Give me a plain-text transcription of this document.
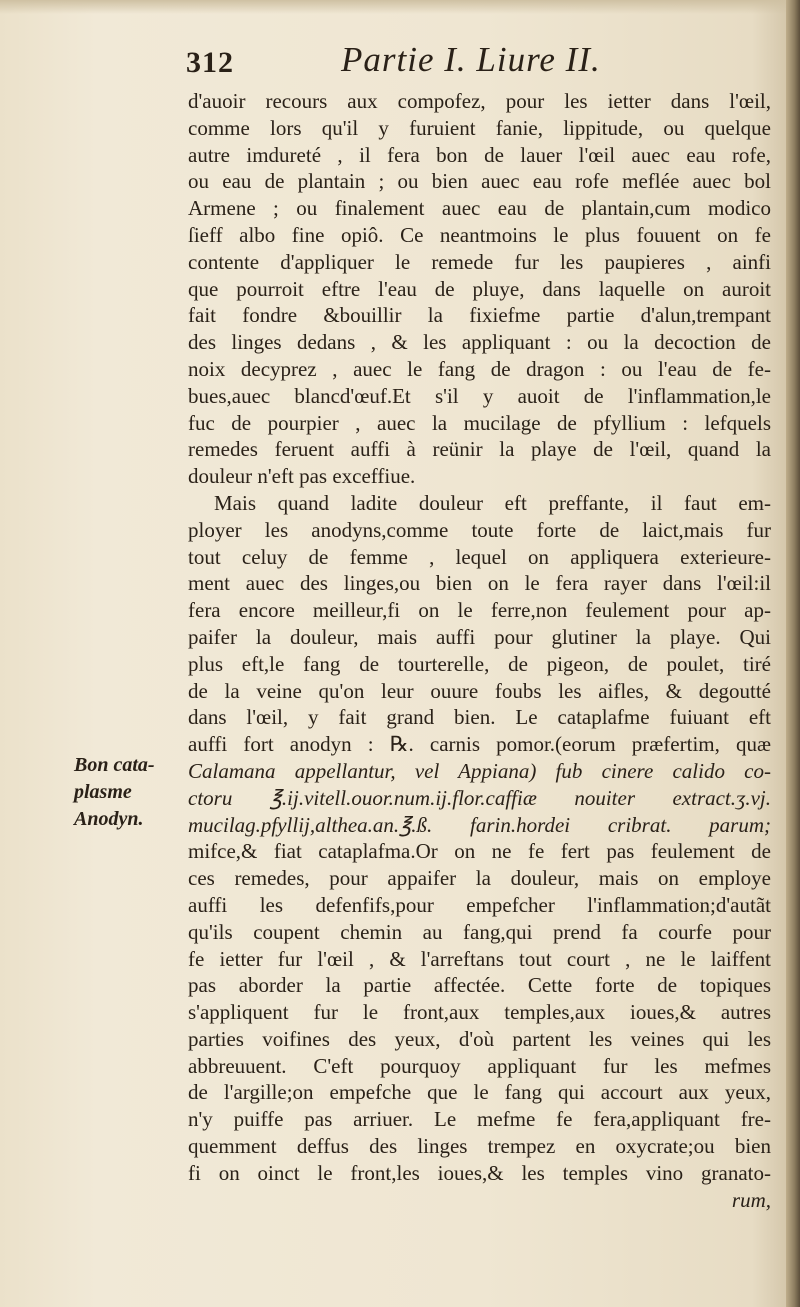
312	Partie I. Liure II.
Bon cata-
plasme
Anodyn.
d'auoir recours aux compofez, pour les ietter dans l'œil,
comme lors qu'il y furuient fanie, lippitude, ou quelque
autre imdureté , il fera bon de lauer l'œil auec eau rofe,
ou eau de plantain ; ou bien auec eau rofe meflée auec bol
Armene ; ou finalement auec eau de plantain,cum modico
ſieff albo fine opiô. Ce neantmoins le plus fouuent on fe
contente d'appliquer le remede fur les paupieres , ainfi
que pourroit eftre l'eau de pluye, dans laquelle on auroit
fait fondre &bouillir la fixiefme partie d'alun,trempant
des linges dedans , & les appliquant : ou la decoction de
noix decyprez , auec le fang de dragon : ou l'eau de fe-
bues,auec blancd'œuf.Et s'il y auoit de l'inflammation,le
fuc de pourpier , auec la mucilage de pfyllium : lefquels
remedes feruent auffi à reünir la playe de l'œil, quand la
douleur n'eft pas exceffiue.
Mais quand ladite douleur eft preffante, il faut em-
ployer les anodyns,comme toute forte de laict,mais fur
tout celuy de femme , lequel on appliquera exterieure-
ment auec des linges,ou bien on le fera rayer dans l'œil:il
fera encore meilleur,fi on le ferre,non feulement pour ap-
paifer la douleur, mais auffi pour glutiner la playe. Qui
plus eft,le fang de tourterelle, de pigeon, de poulet, tiré
de la veine qu'on leur ouure foubs les aifles, & degoutté
dans l'œil, y fait grand bien. Le cataplafme fuiuant eft
auffi fort anodyn : ℞. carnis pomor.(eorum præfertim, quæ
Calamana appellantur, vel Appiana) fub cinere calido co-
ctoru ℥.ij.vitell.ouor.num.ij.flor.caffiæ nouiter extract.ʒ.vj.
mucilag.pfyllij,althea.an.℥.ß. farin.hordei cribrat. parum;
mifce,& fiat cataplafma.Or on ne fe fert pas feulement de
ces remedes, pour appaifer la douleur, mais on employe
auffi les defenfifs,pour empefcher l'inflammation;d'autãt
qu'ils coupent chemin au fang,qui prend fa courfe pour
fe ietter fur l'œil , & l'arreftans tout court , ne le laiffent
pas aborder la partie affectée. Cette forte de topiques
s'appliquent fur le front,aux temples,aux ioues,& autres
parties voifines des yeux, d'où partent les veines qui les
abbreuuent. C'eft pourquoy appliquant fur les mefmes
de l'argille;on empefche que le fang qui accourt aux yeux,
n'y puiffe pas arriuer. Le mefme fe fera,appliquant fre-
quemment deffus des linges trempez en oxycrate;ou bien
fi on oinct le front,les ioues,& les temples vino granato-
rum,
